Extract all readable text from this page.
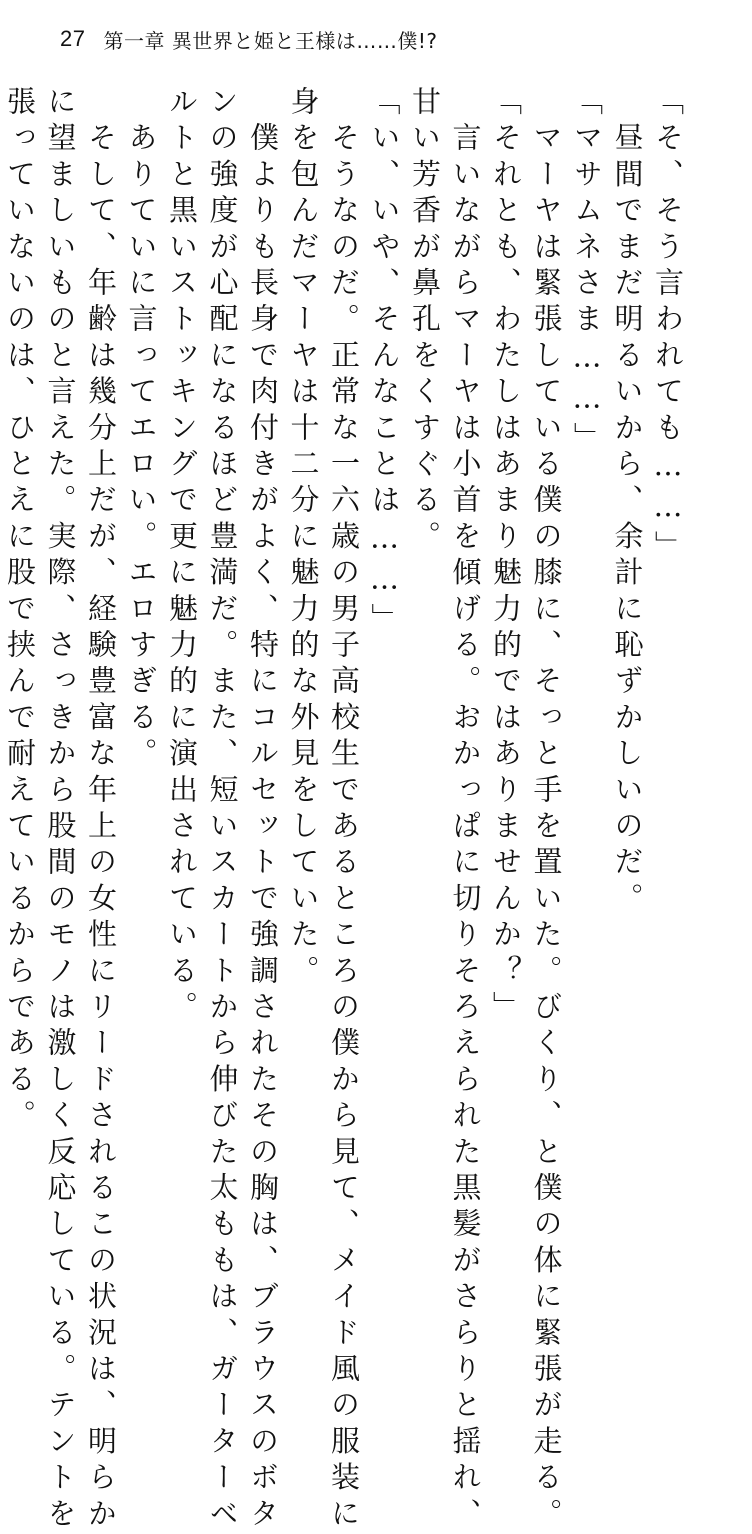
27 第一章 異世界と姫と王様は……僕!?

「そ、そう言われても……」

　昼間でまだ明るいから、余計に恥ずかしいのだ。

「マサムネさま……」

　マーヤは緊張している僕の膝に、そっと手を置いた。びくり、と僕の体に緊張が走る。

「それとも、わたしはあまり魅力的ではありませんか？」

　言いながらマーヤは小首を傾げる。おかっぱに切りそろえられた黒髪がさらりと揺れ、

甘い芳香が鼻孔をくすぐる。

「い、いや、そんなことは……」

　そうなのだ。正常な一六歳の男子高校生であるところの僕から見て、メイド風の服装に

身を包んだマーヤは十二分に魅力的な外見をしていた。

　僕よりも長身で肉付きがよく、特にコルセットで強調されたその胸は、ブラウスのボタ

ンの強度が心配になるほど豊満だ。また、短いスカートから伸びた太ももは、ガーターベ

ルトと黒いストッキングで更に魅力的に演出されている。

　ありていに言ってエロい。エロすぎる。

　そして、年齢は幾分上だが、経験豊富な年上の女性にリードされるこの状況は、明らか

に望ましいものと言えた。実際、さっきから股間のモノは激しく反応している。テントを

張っていないのは、ひとえに股で挟んで耐えているからである。
